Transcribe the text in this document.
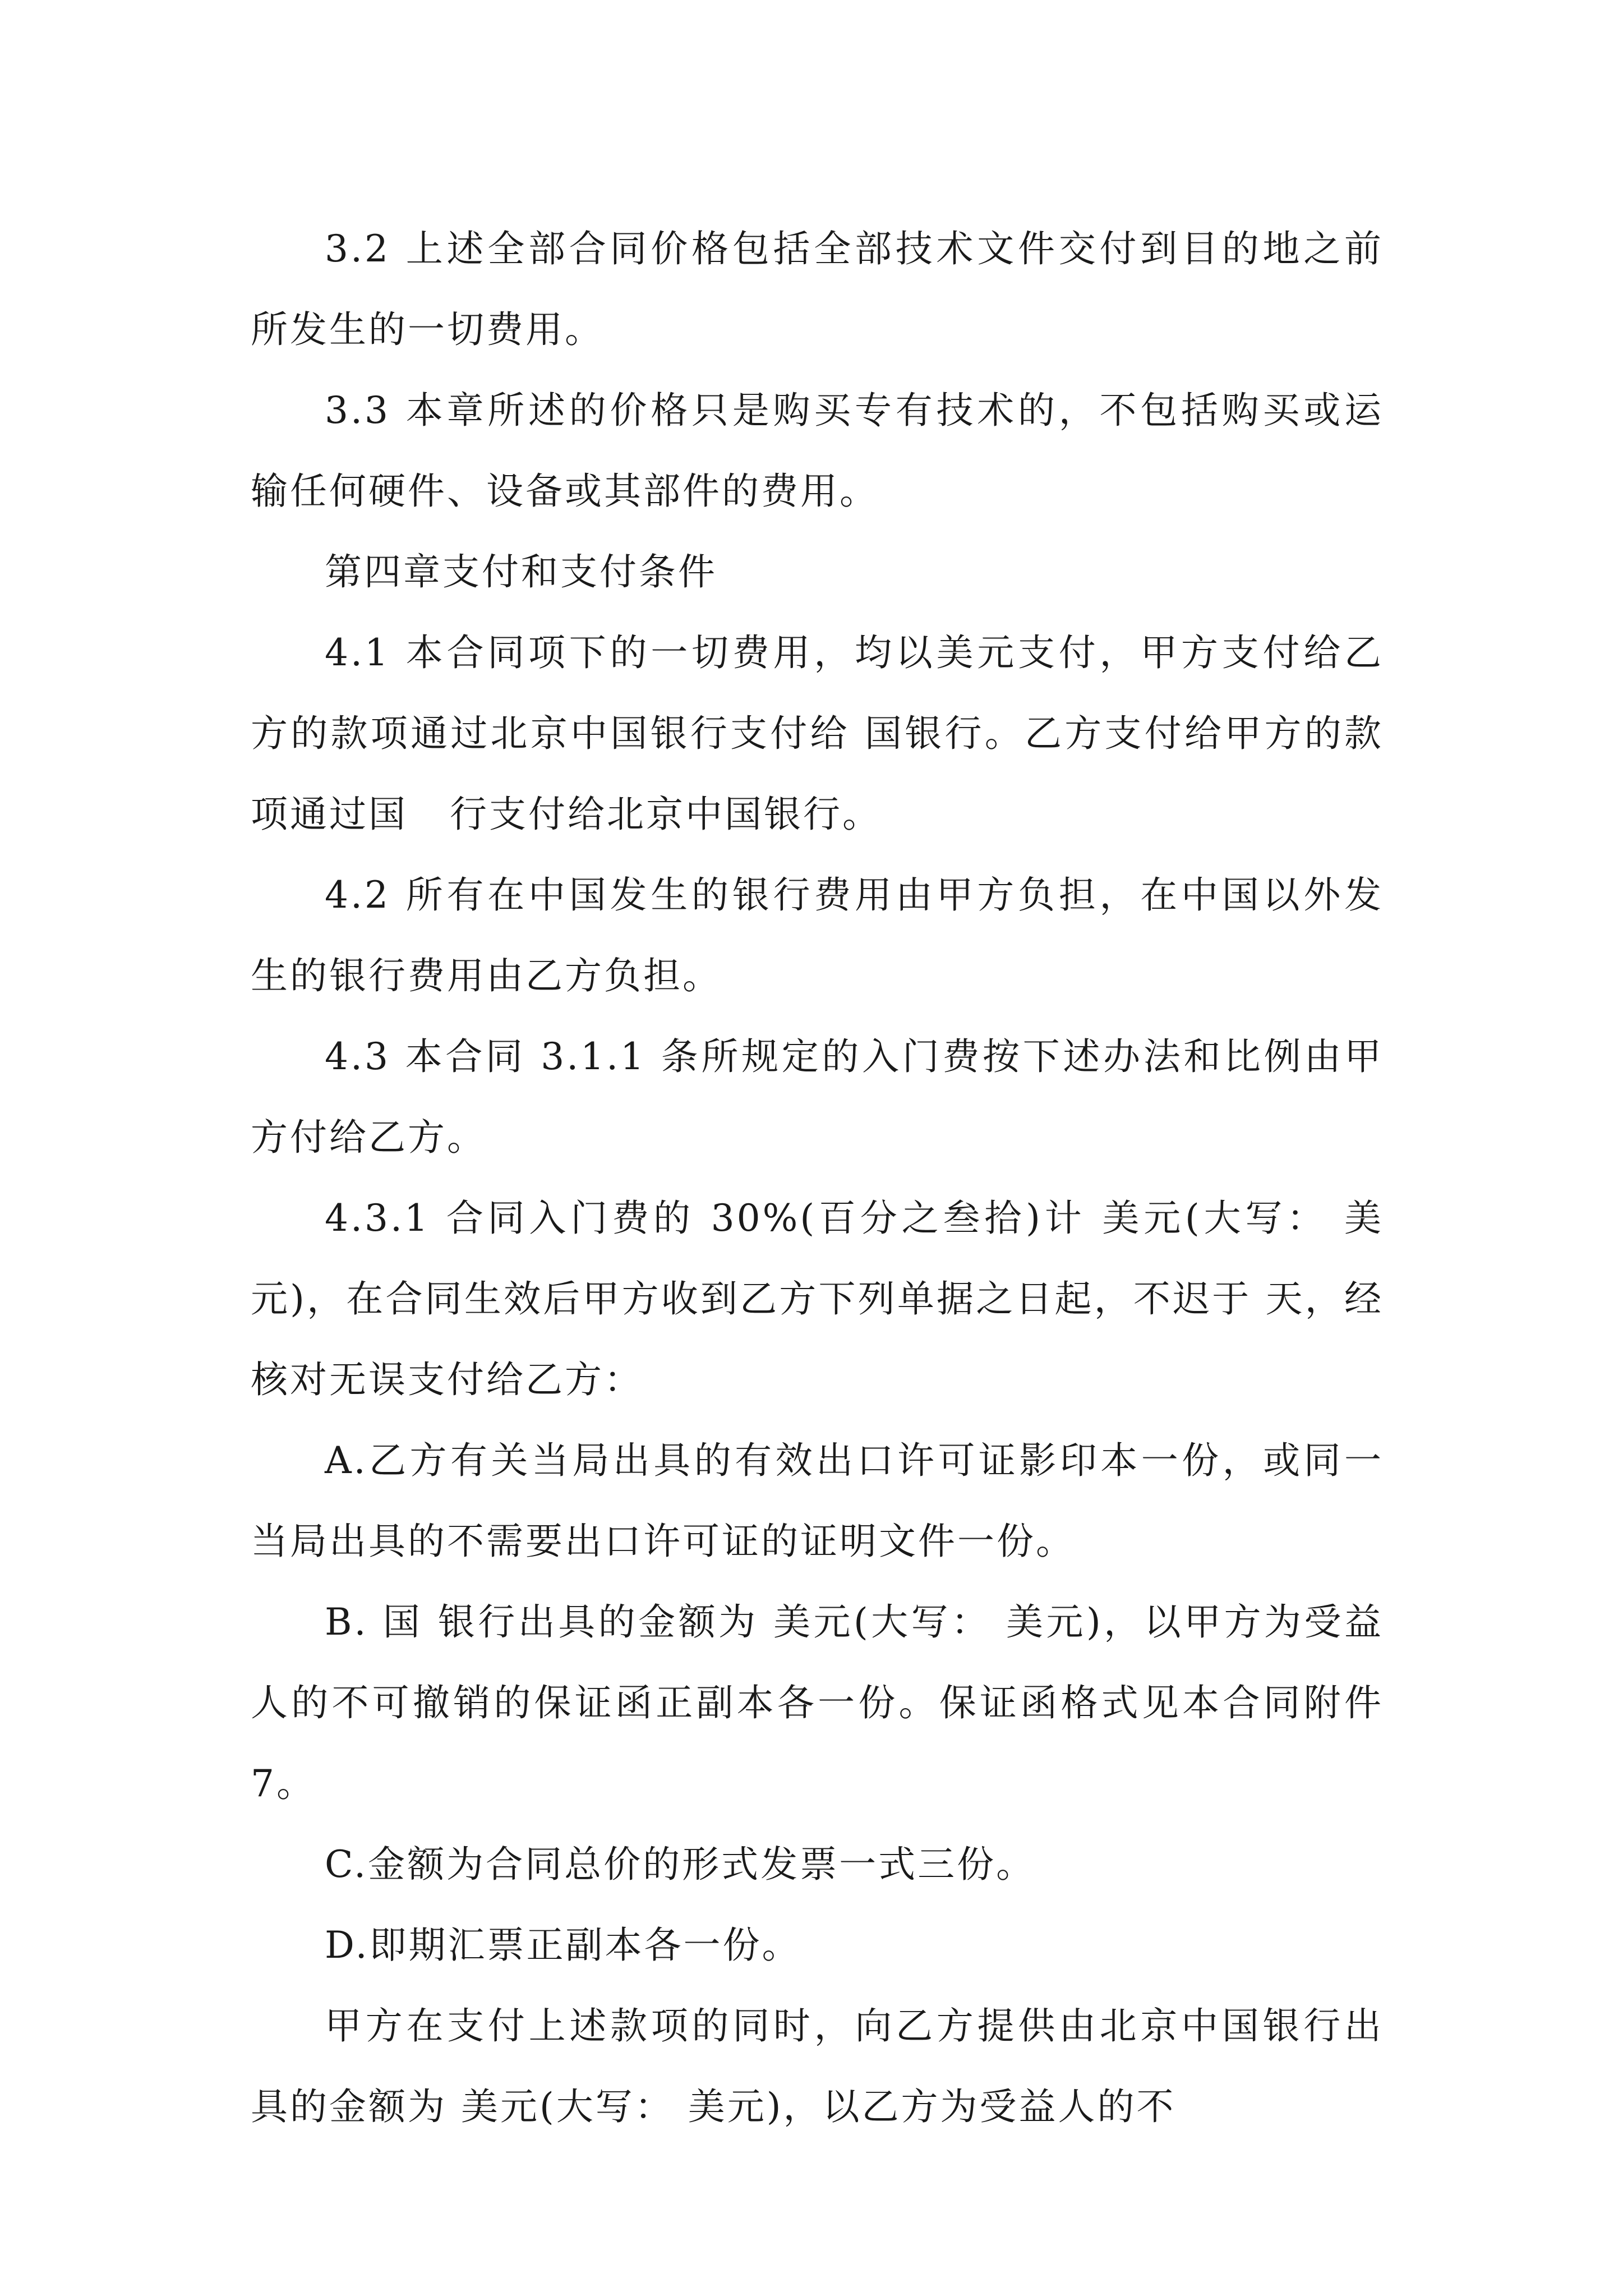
3.2 上述全部合同价格包括全部技术文件交付到目的地之前所发生的一切费用。

3.3 本章所述的价格只是购买专有技术的，不包括购买或运输任何硬件、设备或其部件的费用。

第四章支付和支付条件

4.1 本合同项下的一切费用，均以美元支付，甲方支付给乙方的款项通过北京中国银行支付给 国银行。乙方支付给甲方的款项通过国   行支付给北京中国银行。

4.2 所有在中国发生的银行费用由甲方负担，在中国以外发生的银行费用由乙方负担。

4.3 本合同 3.1.1 条所规定的入门费按下述办法和比例由甲方付给乙方。

4.3.1 合同入门费的 30%(百分之叁拾)计 美元(大写： 美元)，在合同生效后甲方收到乙方下列单据之日起，不迟于 天，经核对无误支付给乙方：

A.乙方有关当局出具的有效出口许可证影印本一份，或同一当局出具的不需要出口许可证的证明文件一份。

B. 国 银行出具的金额为 美元(大写： 美元)，以甲方为受益人的不可撤销的保证函正副本各一份。保证函格式见本合同附件 7。

C.金额为合同总价的形式发票一式三份。

D.即期汇票正副本各一份。

甲方在支付上述款项的同时，向乙方提供由北京中国银行出具的金额为 美元(大写： 美元)，以乙方为受益人的不
